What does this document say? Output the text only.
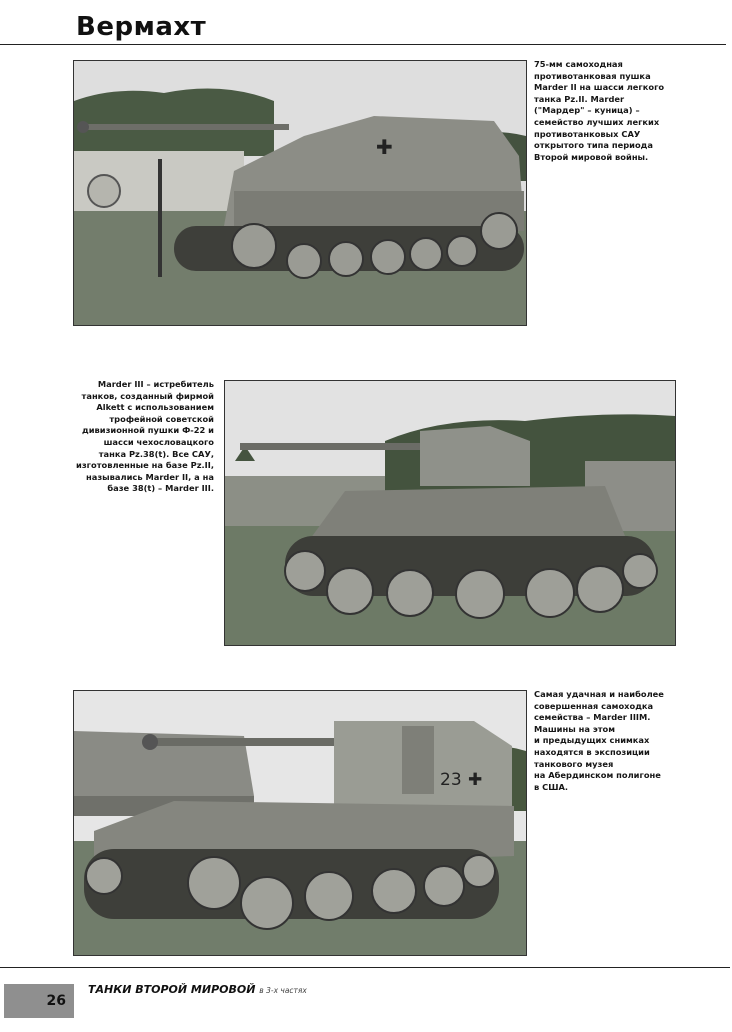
Вермахт
✚
75-мм самоходная
противотанковая пушка
Marder II на шасси легкого
танка Pz.II. Marder
("Мардер" – куница) –
семейство лучших легких
противотанковых САУ
открытого типа периода
Второй мировой войны.
Marder III – истребитель
танков, созданный фирмой
Alkett с использованием
трофейной советской
дивизионной пушки Ф-22 и
шасси чехословацкого
танка Pz.38(t). Все САУ,
изготовленные на базе Pz.II,
назывались Marder II, а на
базе 38(t) – Marder III.
23 ✚
Самая удачная и наиболее
совершенная самоходка
семейства – Marder IIIM.
Машины на этом
и предыдущих снимках
находятся в экспозиции
танкового музея
на Абердинском полигоне
в США.
26
ТАНКИ ВТОРОЙ МИРОВОЙ в 3-х частях
